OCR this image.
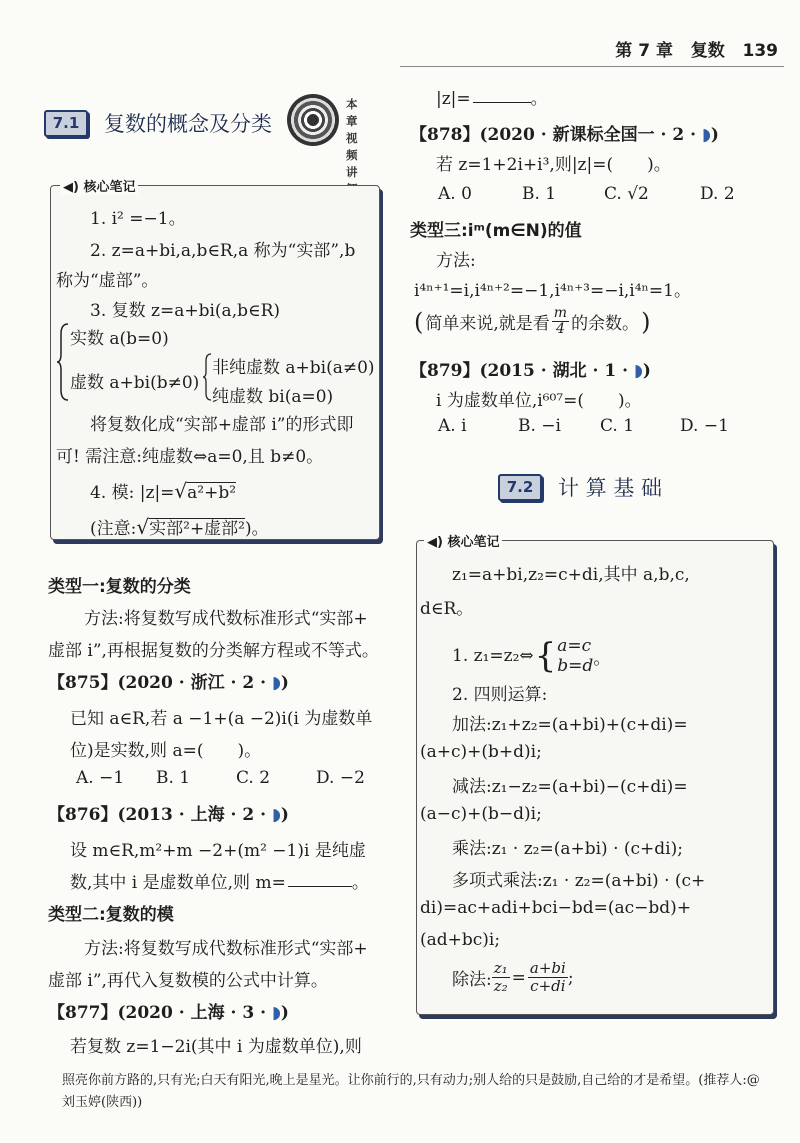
第 7 章 复数 139
7.1	复数的概念及分类
本章视频讲
◀) 核心笔记
1. i² =−1。
2. z=a+bi,a,b∈R,a 称为“实部”,b
称为“虚部”。
3. 复数 z=a+bi(a,b∈R)
实数 a(b=0)
虚数 a+bi(b≠0)
非纯虚数 a+bi(a≠0)
纯虚数 bi(a=0)
将复数化成“实部+虚部 i”的形式即
可! 需注意:纯虚数⇔a=0,且 b≠0。
4. 模: |z|=√a²+b²
(注意:√实部²+虚部²)。
类型一:复数的分类
方法:将复数写成代数标准形式“实部+
虚部 i”,再根据复数的分类解方程或不等式。
【875】(2020 · 浙江 · 2 · ◗)
已知 a∈R,若 a −1+(a −2)i(i 为虚数单
位)是实数,则 a=(　　)。
A. −1 B. 1	C. 2	D. −2
【876】(2013 · 上海 · 2 · ◗)
设 m∈R,m²+m −2+(m² −1)i 是纯虚
数,其中 i 是虚数单位,则 m=	。
类型二:复数的模
方法:将复数写成代数标准形式“实部+
虚部 i”,再代入复数模的公式中计算。
【877】(2020 · 上海 · 3 · ◗)
若复数 z=1−2i(其中 i 为虚数单位),则
|z|=	。
【878】(2020 · 新课标全国一 · 2 · ◗)
若 z=1+2i+i³,则|z|=(　　)。
A. 0	B. 1	C. √2	D. 2
类型三:iᵐ(m∈N)的值
方法:
i⁴ⁿ⁺¹=i,i⁴ⁿ⁺²=−1,i⁴ⁿ⁺³=−i,i⁴ⁿ=1。
( 简单来说,就是看
m
4 的余数。 )
【879】(2015 · 湖北 · 1 · ◗)
i 为虚数单位,i⁶⁰⁷=(　　)。
A. i	B. −i C. 1	D. −1
7.2	计 算 基 础
◀) 核心笔记
z₁=a+bi,z₂=c+di,其中 a,b,c,
d∈R。
1. z₁=z₂⇔ { a=c
b=d 。
2. 四则运算:
加法:z₁+z₂=(a+bi)+(c+di)=
(a+c)+(b+d)i;
减法:z₁−z₂=(a+bi)−(c+di)=
(a−c)+(b−d)i;
乘法:z₁ · z₂=(a+bi) · (c+di);
多项式乘法:z₁ · z₂=(a+bi) · (c+
di)=ac+adi+bci−bd=(ac−bd)+
(ad+bc)i;
除法: $\frac{\text{z₁}}{\text{z₂}} = \frac{a+bi}{c+di}$ ;
照亮你前方路的,只有光;白天有阳光,晚上是星光。让你前行的,只有动力;别人给的只是鼓励,自己给的才是希望。(推荐人:@刘玉婷(陕西))
